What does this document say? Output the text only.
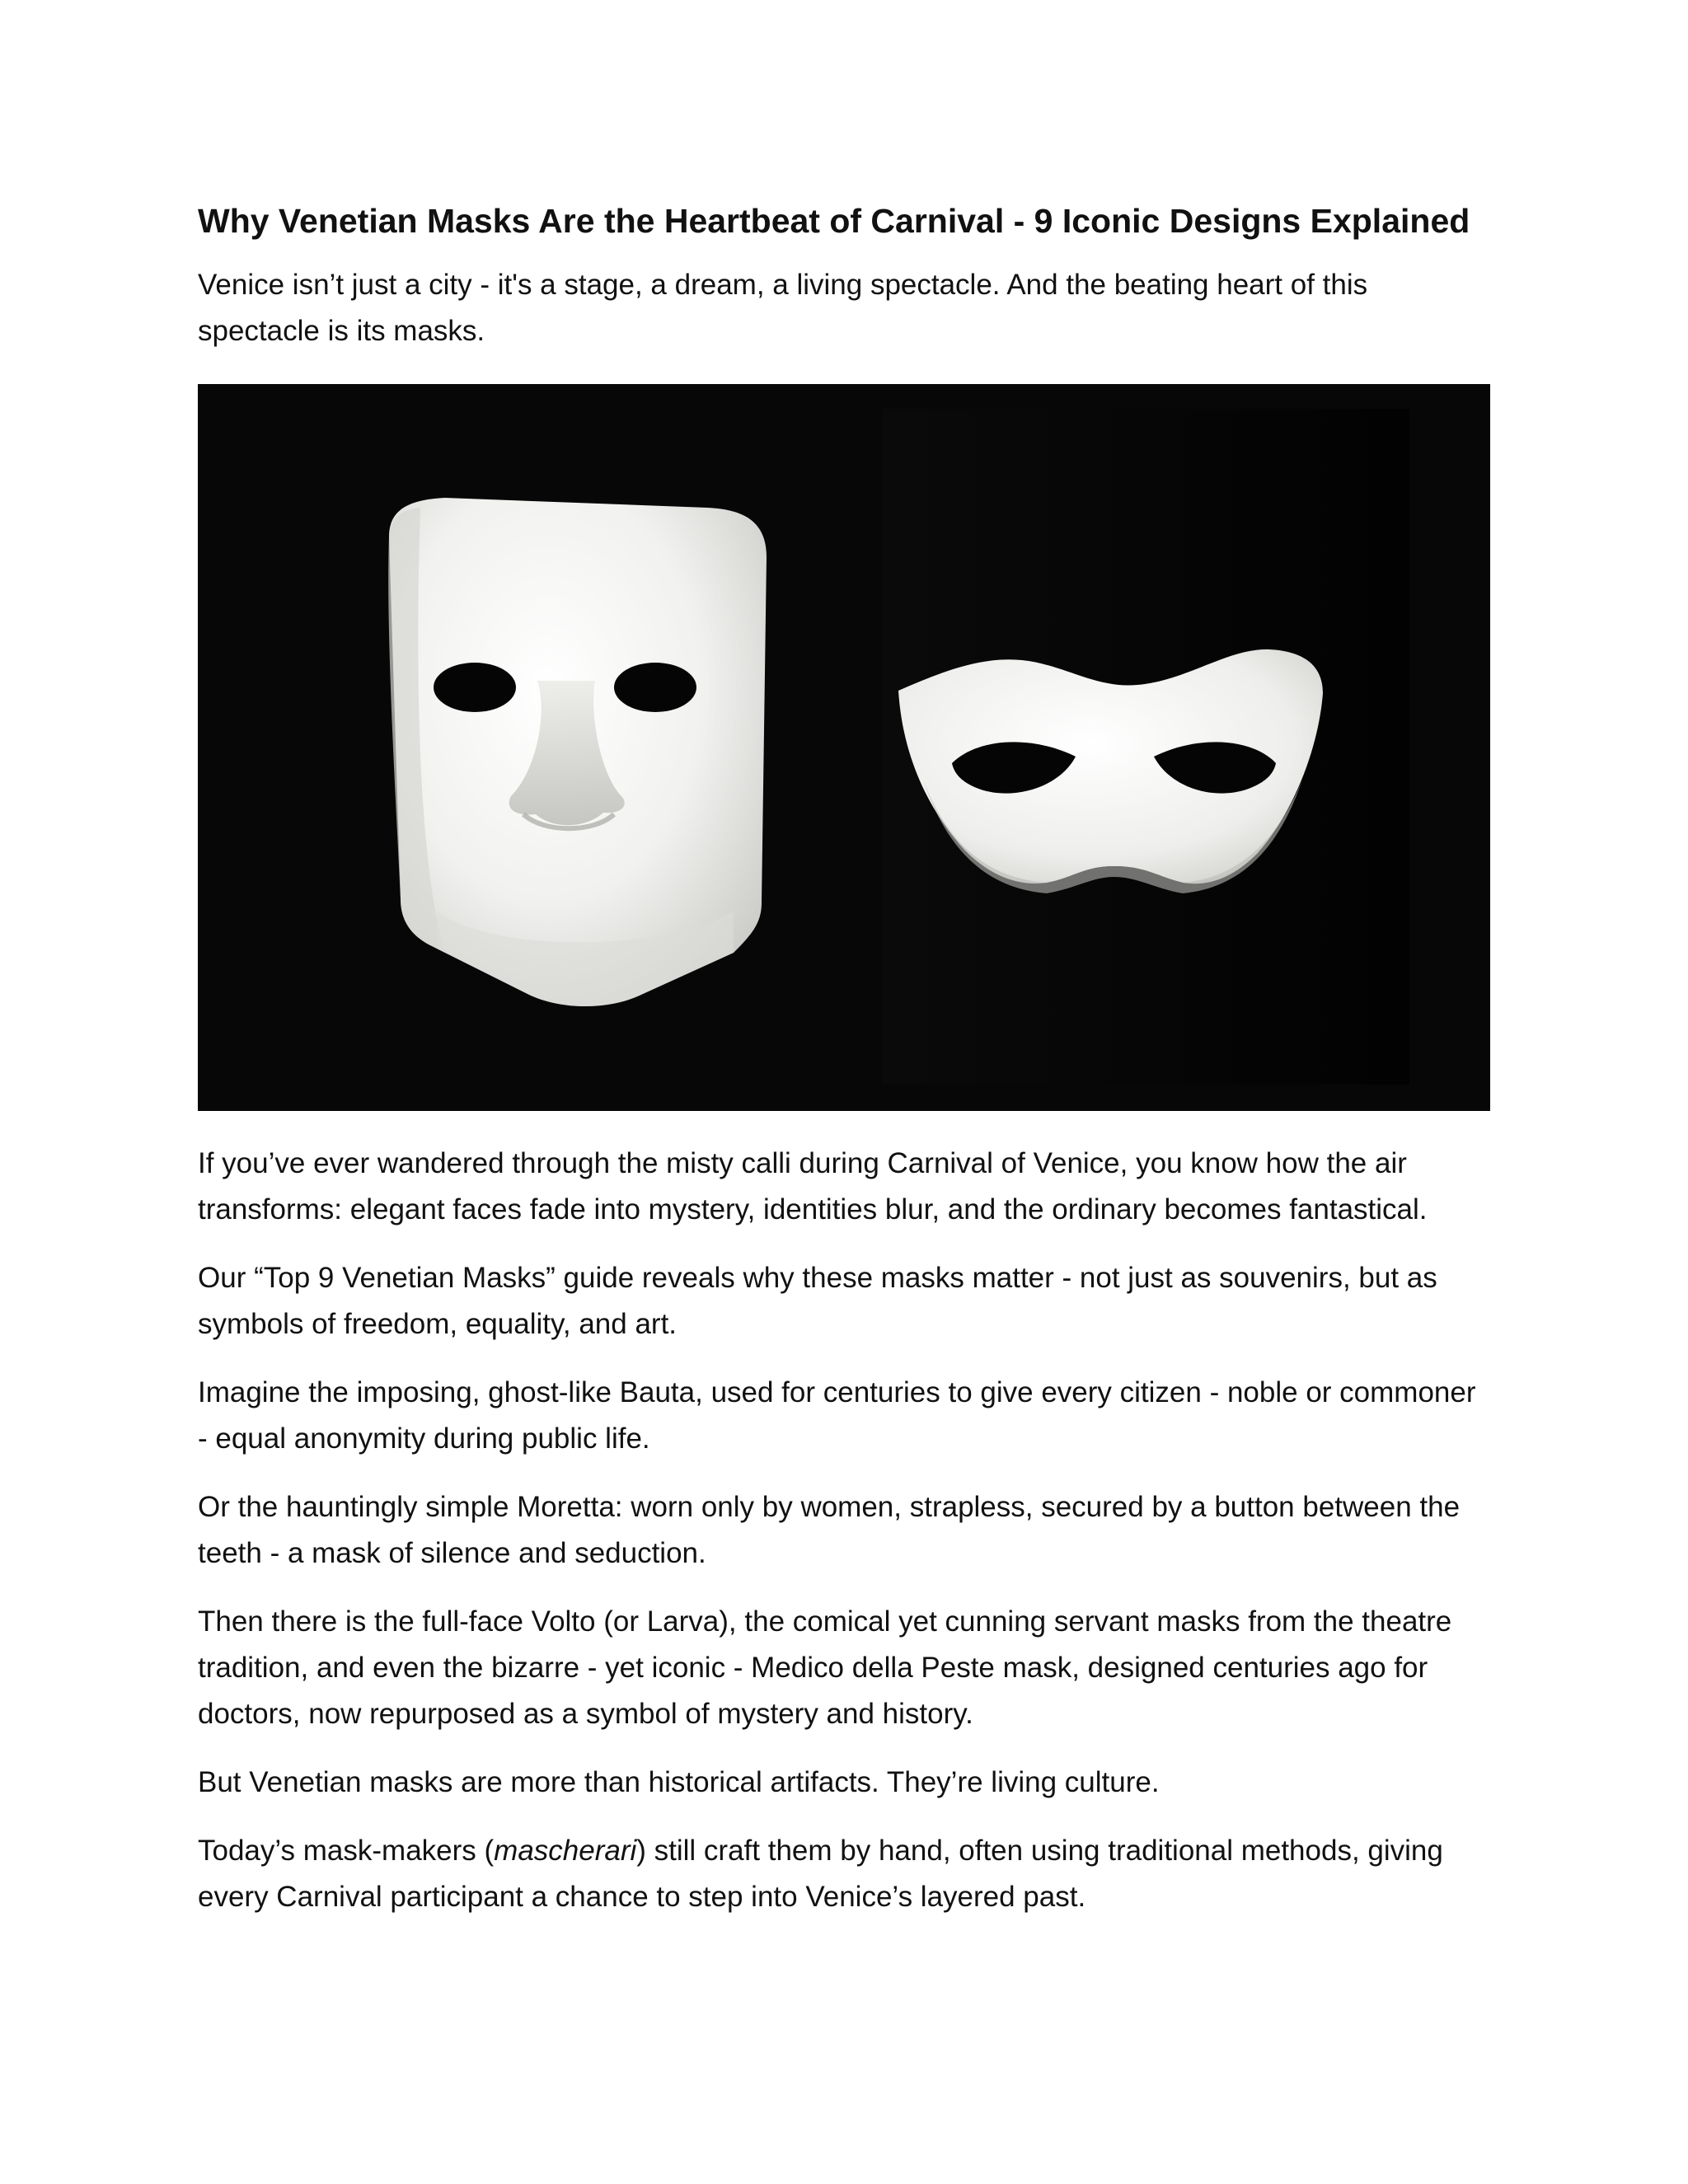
Why Venetian Masks Are the Heartbeat of Carnival - 9 Iconic Designs Explained

Venice isn’t just a city - it's a stage, a dream, a living spectacle. And the beating heart of this spectacle is its masks.

If you’ve ever wandered through the misty calli during Carnival of Venice, you know how the air transforms: elegant faces fade into mystery, identities blur, and the ordinary becomes fantastical.

Our “Top 9 Venetian Masks” guide reveals why these masks matter - not just as souvenirs, but as symbols of freedom, equality, and art.

Imagine the imposing, ghost-like Bauta, used for centuries to give every citizen - noble or commoner - equal anonymity during public life.

Or the hauntingly simple Moretta: worn only by women, strapless, secured by a button between the teeth - a mask of silence and seduction.

Then there is the full-face Volto (or Larva), the comical yet cunning servant masks from the theatre tradition, and even the bizarre - yet iconic - Medico della Peste mask, designed centuries ago for doctors, now repurposed as a symbol of mystery and history.

But Venetian masks are more than historical artifacts. They’re living culture.

Today’s mask-makers (mascherari) still craft them by hand, often using traditional methods, giving every Carnival participant a chance to step into Venice’s layered past.
